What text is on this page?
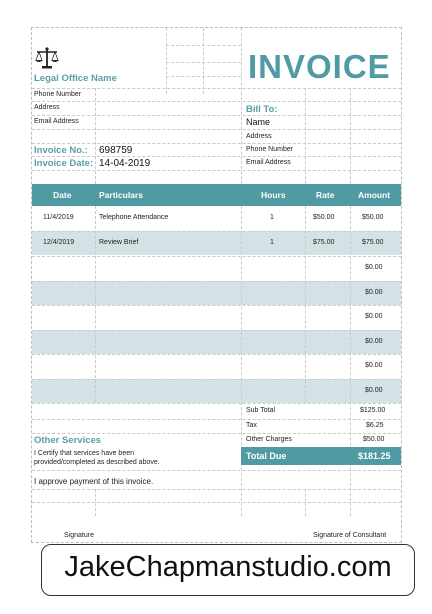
Legal Office Name	INVOICE
Phone Number
Address
Email Address
Bill To:
Name
Address
Phone Number
Email Address
Invoice No.: 698759
Invoice Date: 14-04-2019
Date	Particulars	Hours	Rate	Amount
11/4/2019	Telephone Attendance	1	$50.00	$50.00
12/4/2019	Review Brief	1	$75.00	$75.00
$0.00
$0.00
$0.00
$0.00
$0.00
$0.00
Sub Total	$125.00
Tax	$6.25
Other Charges	$50.00
Total Due	$181.25
Other Services
I Certify that services have been
provided/completed as described above.
I approve payment of this invoice.
Signature	Signature of Consultant
JakeChapmanstudio.com
